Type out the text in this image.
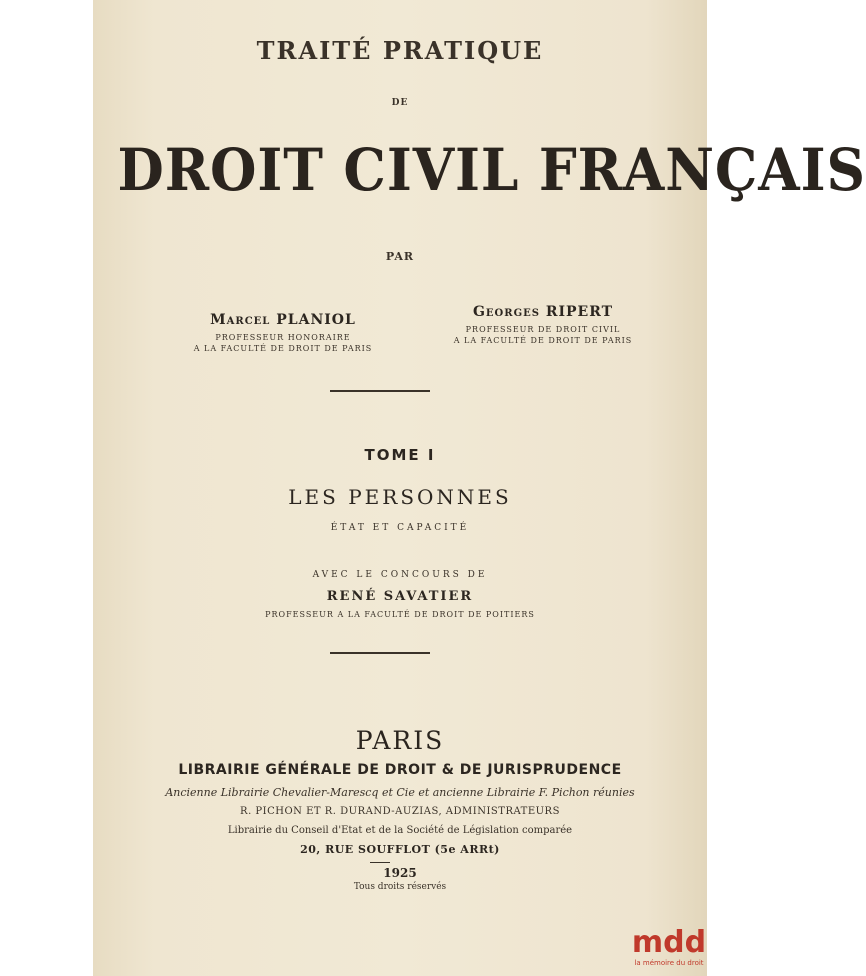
TRAITÉ PRATIQUE

DE

DROIT CIVIL FRANÇAIS

PAR

Marcel PLANIOL

PROFESSEUR HONORAIRE
A LA FACULTÉ DE DROIT DE PARIS

Georges RIPERT

PROFESSEUR DE DROIT CIVIL
A LA FACULTÉ DE DROIT DE PARIS

TOME I

LES PERSONNES

ÉTAT ET CAPACITÉ

AVEC LE CONCOURS DE

RENÉ SAVATIER

PROFESSEUR A LA FACULTÉ DE DROIT DE POITIERS

PARIS

LIBRAIRIE GÉNÉRALE DE DROIT & DE JURISPRUDENCE

Ancienne Librairie Chevalier-Marescq et Cie et ancienne Librairie F. Pichon réunies

R. PICHON ET R. DURAND-AUZIAS, ADMINISTRATEURS

Librairie du Conseil d'Etat et de la Société de Législation comparée

20, RUE SOUFFLOT (5e ARRt)

1925

Tous droits réservés

mdd
la mémoire du droit
